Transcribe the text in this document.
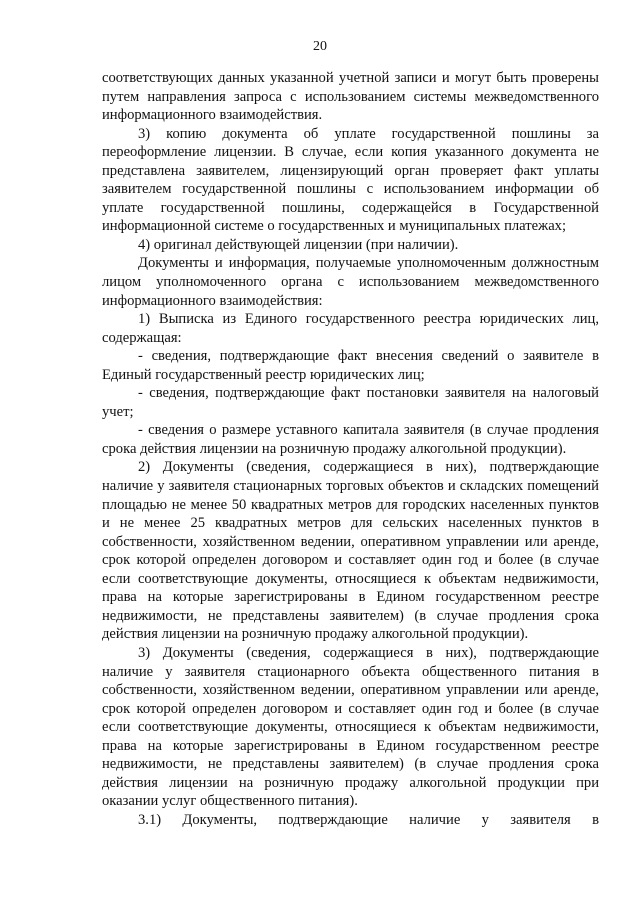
20

соответствующих данных указанной учетной записи и могут быть проверены путем направления запроса с использованием системы межведомственного информационного взаимодействия.

3) копию документа об уплате государственной пошлины за переоформление лицензии. В случае, если копия указанного документа не представлена заявителем, лицензирующий орган проверяет факт уплаты заявителем государственной пошлины с использованием информации об уплате государственной пошлины, содержащейся в Государственной информационной системе о государственных и муниципальных платежах;

4) оригинал действующей лицензии (при наличии).

Документы и информация, получаемые уполномоченным должностным лицом уполномоченного органа с использованием межведомственного информационного взаимодействия:

1) Выписка из Единого государственного реестра юридических лиц, содержащая:

- сведения, подтверждающие факт внесения сведений о заявителе в Единый государственный реестр юридических лиц;

- сведения, подтверждающие факт постановки заявителя на налоговый учет;

- сведения о размере уставного капитала заявителя (в случае продления срока действия лицензии на розничную продажу алкогольной продукции).

2) Документы (сведения, содержащиеся в них), подтверждающие наличие у заявителя стационарных торговых объектов и складских помещений площадью не менее 50 квадратных метров для городских населенных пунктов и не менее 25 квадратных метров для сельских населенных пунктов в собственности, хозяйственном ведении, оперативном управлении или аренде, срок которой определен договором и составляет один год и более (в случае если соответствующие документы, относящиеся к объектам недвижимости, права на которые зарегистрированы в Едином государственном реестре недвижимости, не представлены заявителем) (в случае продления срока действия лицензии на розничную продажу алкогольной продукции).

3) Документы (сведения, содержащиеся в них), подтверждающие наличие у заявителя стационарного объекта общественного питания в собственности, хозяйственном ведении, оперативном управлении или аренде, срок которой определен договором и составляет один год и более (в случае если соответствующие документы, относящиеся к объектам недвижимости, права на которые зарегистрированы в Едином государственном реестре недвижимости, не представлены заявителем) (в случае продления срока действия лицензии на розничную продажу алкогольной продукции при оказании услуг общественного питания).

3.1) Документы, подтверждающие наличие у заявителя в
